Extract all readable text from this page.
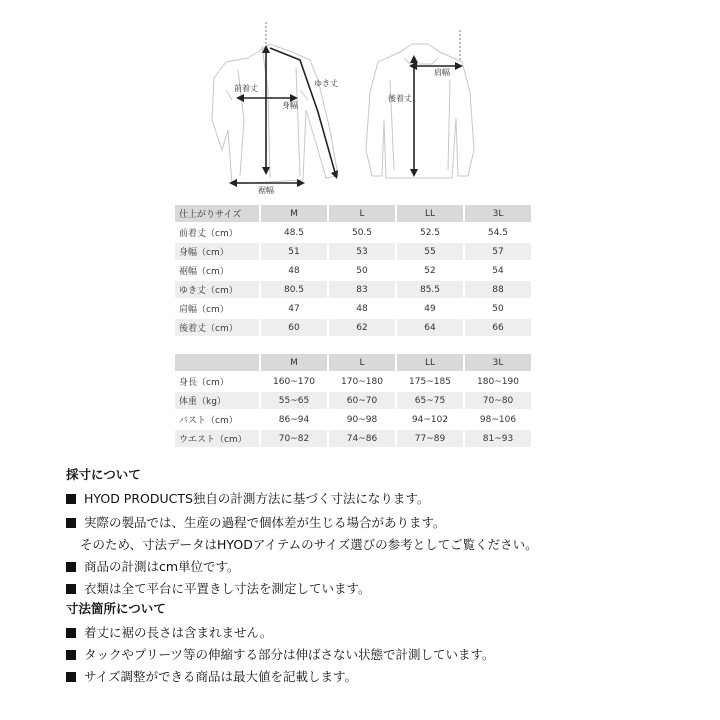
前着丈
身幅
ゆき丈
裾幅
肩幅
後着丈
仕上がりサイズ	M	L	LL	3L
前着丈（cm）	48.5	50.5	52.5	54.5
身幅（cm）	51	53	55	57
裾幅（cm）	48	50	52	54
ゆき丈（cm）	80.5	83	85.5	88
肩幅（cm）	47	48	49	50
後着丈（cm）	60	62	64	66
	M	L	LL	3L
身長（cm）	160~170	170~180	175~185	180~190
体重（kg）	55~65	60~70	65~75	70~80
バスト（cm）	86~94	90~98	94~102	98~106
ウエスト（cm）	70~82	74~86	77~89	81~93
採寸について
HYOD PRODUCTS独自の計測方法に基づく寸法になります。
実際の製品では、生産の過程で個体差が生じる場合があります。
そのため、寸法データはHYODアイテムのサイズ選びの参考としてご覧ください。
商品の計測はcm単位です。
衣類は全て平台に平置きし寸法を測定しています。
寸法箇所について
着丈に裾の長さは含まれません。
タックやプリーツ等の伸縮する部分は伸ばさない状態で計測しています。
サイズ調整ができる商品は最大値を記載します。
